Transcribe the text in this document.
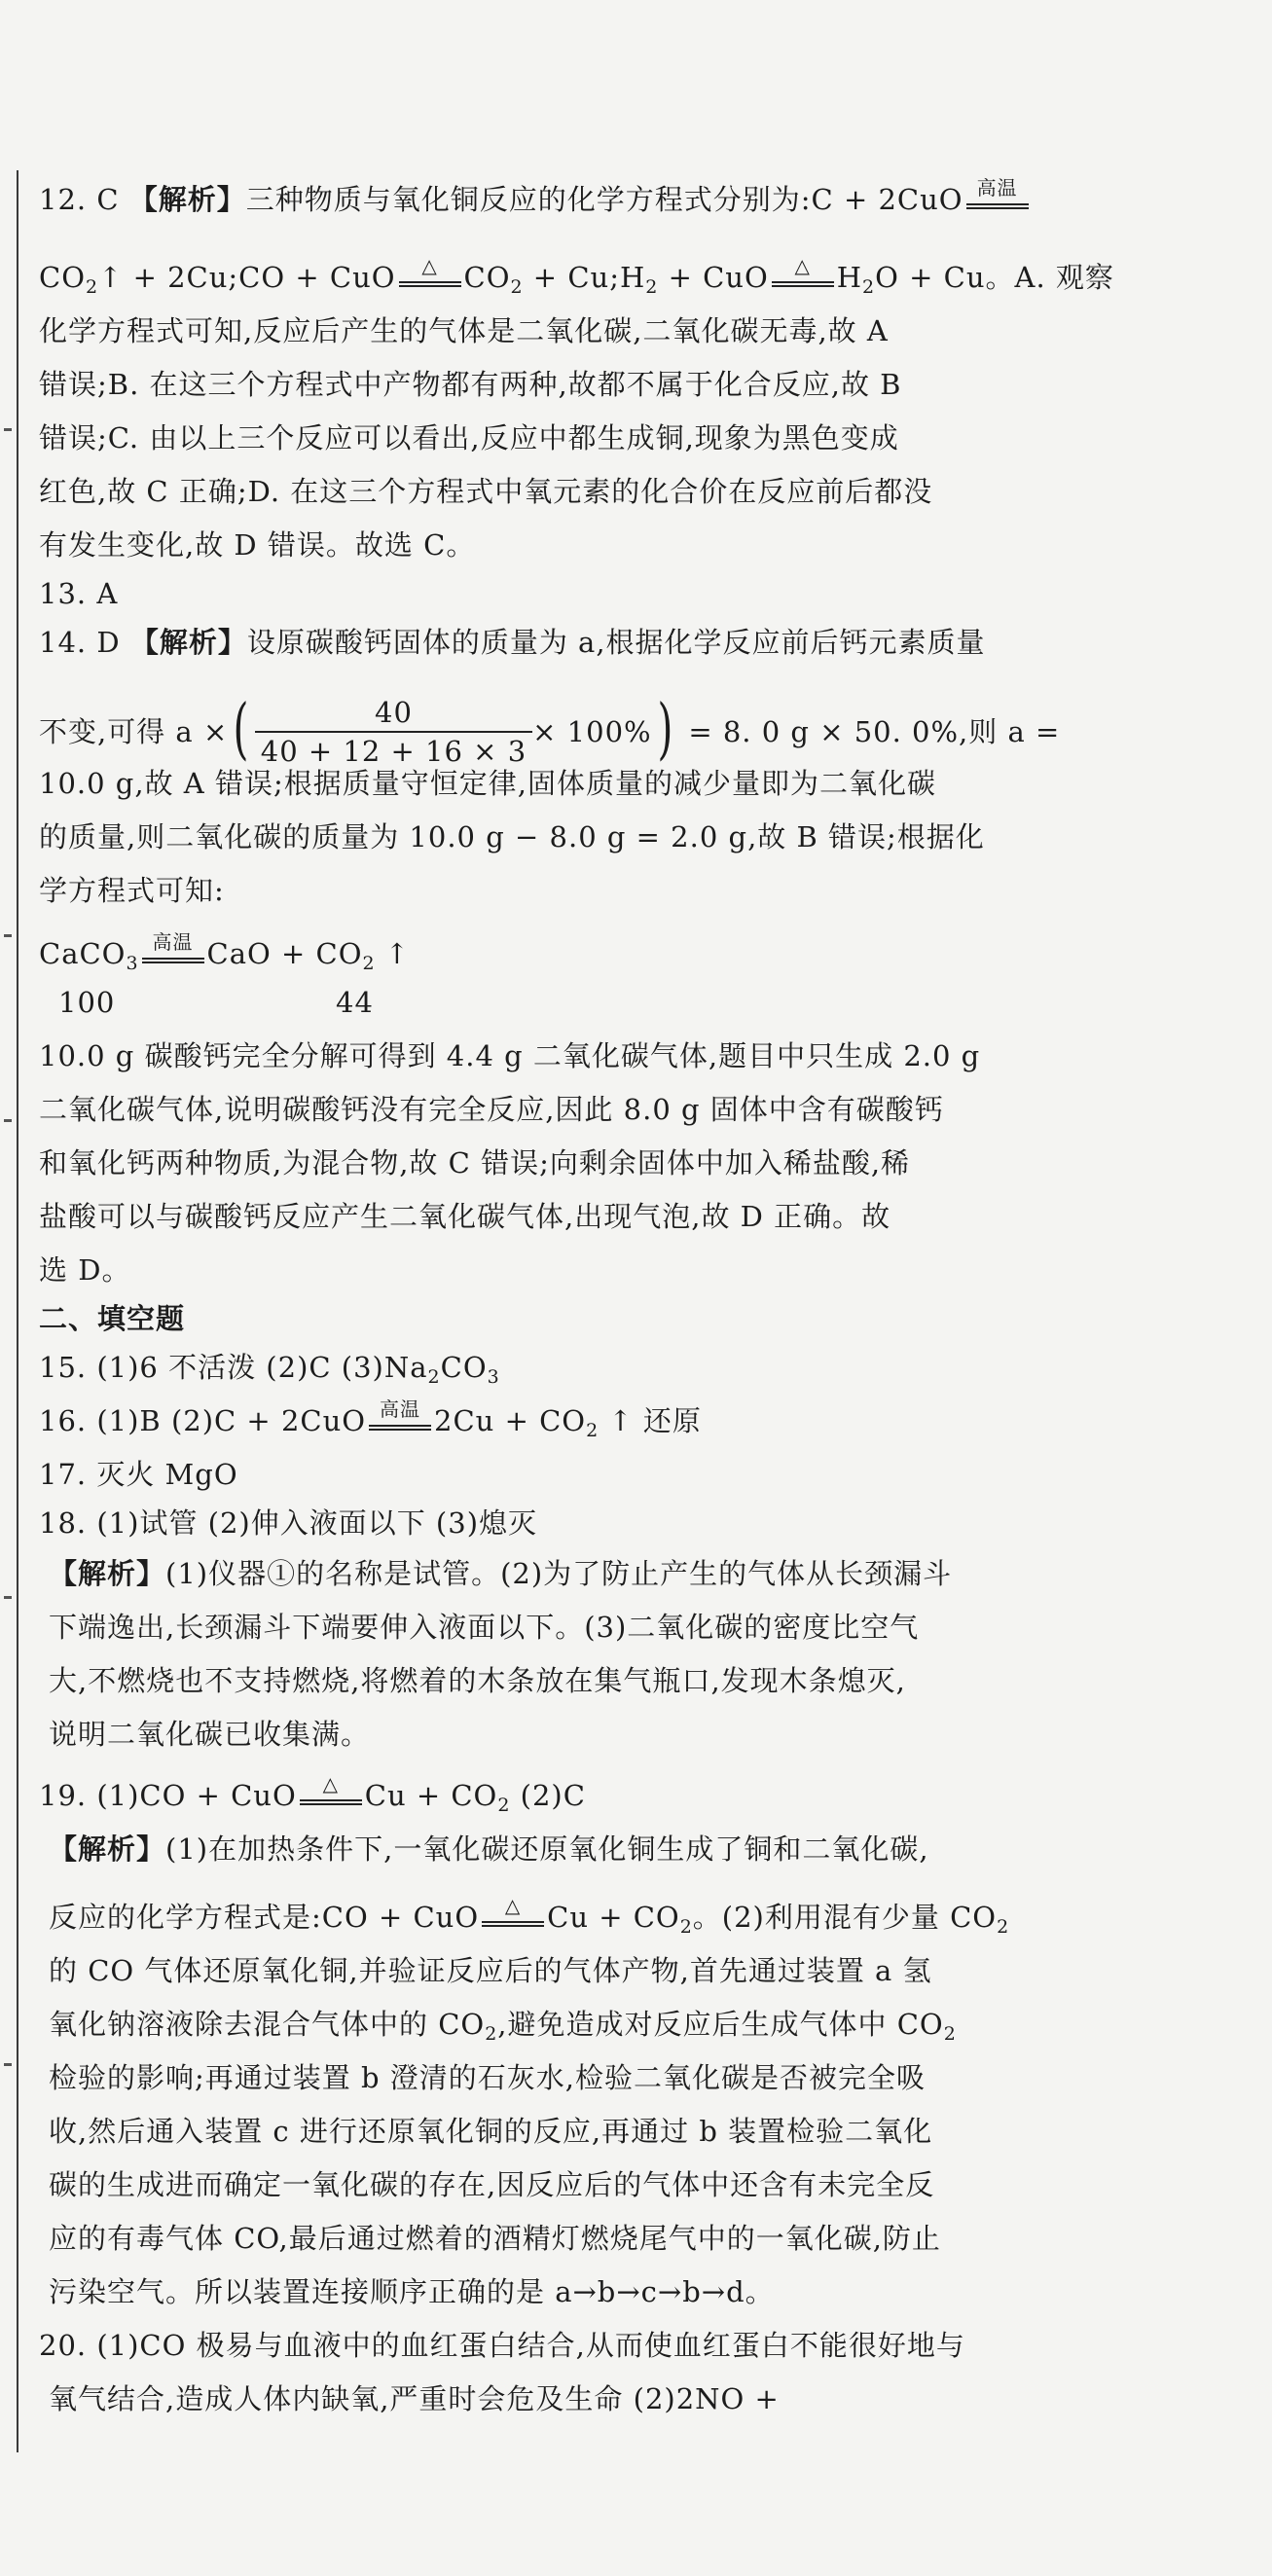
12. C 【解析】三种物质与氧化铜反应的化学方程式分别为:C + 2CuO 高温
$CO_2↑$ + 2Cu;CO + CuO	△ $CO_2$ + $Cu;H_2$ + CuO	△ $H_2O + Cu$。A. 观察
化学方程式可知,反应后产生的气体是二氧化碳,二氧化碳无毒,故 A
错误;B. 在这三个方程式中产物都有两种,故都不属于化合反应,故 B
错误;C. 由以上三个反应可以看出,反应中都生成铜,现象为黑色变成
红色,故 C 正确;D. 在这三个方程式中氧元素的化合价在反应前后都没
有发生变化,故 D 错误。故选 C。
13. A
14. D 【解析】设原碳酸钙固体的质量为 a,根据化学反应前后钙元素质量
不变,可得 a ×( $\frac{40}{40 + 12 + 16 \times 3} \times 100\%) = 8$. 0 g × 50. 0%,则 a =
10.0 g,故 A 错误;根据质量守恒定律,固体质量的减少量即为二氧化碳
的质量,则二氧化碳的质量为 10.0 g − 8.0 g = 2.0 g,故 B 错误;根据化
学方程式可知:
CaCO$_3$
高温 CaO + $CO_2$ ↑
100	44
10.0 g 碳酸钙完全分解可得到 4.4 g 二氧化碳气体,题目中只生成 2.0 g
二氧化碳气体,说明碳酸钙没有完全反应,因此 8.0 g 固体中含有碳酸钙
和氧化钙两种物质,为混合物,故 C 错误;向剩余固体中加入稀盐酸,稀
盐酸可以与碳酸钙反应产生二氧化碳气体,出现气泡,故 D 正确。故
选 D。
二、填空题
15. (1)6 不活泼 (2)C $(3)Na_2CO_3$
16. (1)B (2)C + 2CuO 高温 $2Cu + CO_2$ ↑ 还原
17. 灭火 MgO
18. (1)试管 (2)伸入液面以下 (3)熄灭
【解析】(1)仪器①的名称是试管。(2)为了防止产生的气体从长颈漏斗
下端逸出,长颈漏斗下端要伸入液面以下。(3)二氧化碳的密度比空气
大,不燃烧也不支持燃烧,将燃着的木条放在集气瓶口,发现木条熄灭,
说明二氧化碳已收集满。
19. (1)CO + CuO	△ $Cu + CO_2$ (2)C
【解析】(1)在加热条件下,一氧化碳还原氧化铜生成了铜和二氧化碳,
反应的化学方程式是:CO + CuO	△ $Cu + CO_2$。(2)利用混有少量 $CO_2$
的 CO 气体还原氧化铜,并验证反应后的气体产物,首先通过装置 a 氢
氧化钠溶液除去混合气体中的 $CO_2$,避免造成对反应后生成气体中 $CO_2$
检验的影响;再通过装置 b 澄清的石灰水,检验二氧化碳是否被完全吸
收,然后通入装置 c 进行还原氧化铜的反应,再通过 b 装置检验二氧化
碳的生成进而确定一氧化碳的存在,因反应后的气体中还含有未完全反
应的有毒气体 CO,最后通过燃着的酒精灯燃烧尾气中的一氧化碳,防止
污染空气。所以装置连接顺序正确的是 a→b→c→b→d。
20. (1)CO 极易与血液中的血红蛋白结合,从而使血红蛋白不能很好地与
氧气结合,造成人体内缺氧,严重时会危及生命 (2)2NO +
